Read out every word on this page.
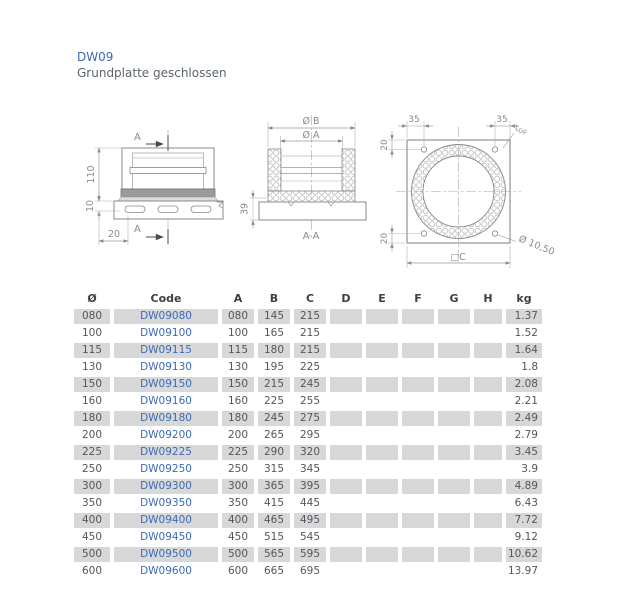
DW09
Grundplatte geschlossen
A
A
110
10
20
Ø B
Ø A
39
A-A
35	35
20
20
$t_{Gp}$
Ø 10,50
□C
Ø	Code	A	B	C	D	E	F	G	H	kg
080	DW09080	080	145	215						1.37
100	DW09100	100	165	215						1.52
115	DW09115	115	180	215						1.64
130	DW09130	130	195	225						1.8
150	DW09150	150	215	245						2.08
160	DW09160	160	225	255						2.21
180	DW09180	180	245	275						2.49
200	DW09200	200	265	295						2.79
225	DW09225	225	290	320						3.45
250	DW09250	250	315	345						3.9
300	DW09300	300	365	395						4.89
350	DW09350	350	415	445						6.43
400	DW09400	400	465	495						7.72
450	DW09450	450	515	545						9.12
500	DW09500	500	565	595						10.62
600	DW09600	600	665	695						13.97
